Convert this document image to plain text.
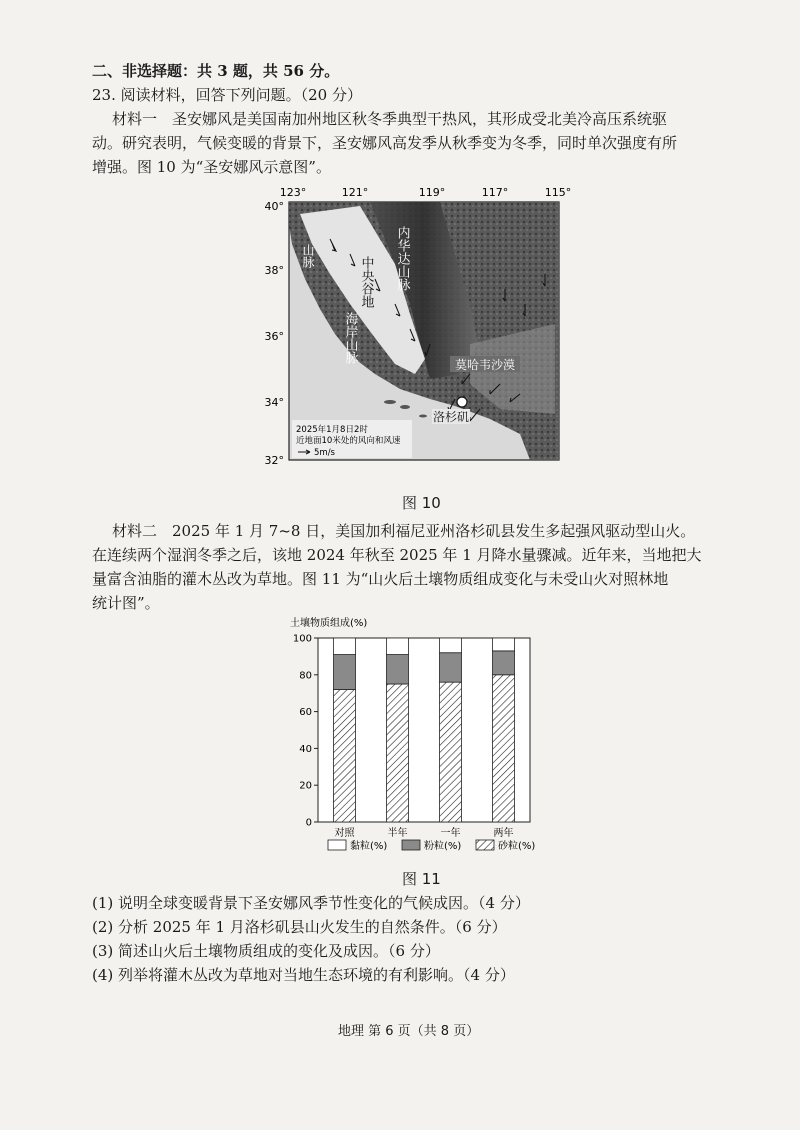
二、非选择题：共 3 题，共 56 分。
23. 阅读材料，回答下列问题。（20 分）
材料一　圣安娜风是美国南加州地区秋冬季典型干热风，其形成受北美冷高压系统驱
动。研究表明，气候变暖的背景下，圣安娜风高发季从秋季变为冬季，同时单次强度有所
增强。图 10 为“圣安娜风示意图”。
123°	121°	119°	117°	115°
40°
38°
36°
34°
32°
山脉	中央谷地
海岸山脉
内华达山脉
莫哈韦沙漠
洛杉矶
2025年1月8日2时
近地面10米处的风向和风速
5m/s
图 10
材料二　2025 年 1 月 7~8 日，美国加利福尼亚州洛杉矶县发生多起强风驱动型山火。
在连续两个湿润冬季之后，该地 2024 年秋至 2025 年 1 月降水量骤减。近年来，当地把大
量富含油脂的灌木丛改为草地。图 11 为“山火后土壤物质组成变化与未受山火对照林地
统计图”。
土壤物质组成(%)
0
20
40
60
80
100
对照	半年	一年	两年
黏粒(%)	粉粒(%)	砂粒(%)
图 11
(1) 说明全球变暖背景下圣安娜风季节性变化的气候成因。（4 分）
(2) 分析 2025 年 1 月洛杉矶县山火发生的自然条件。（6 分）
(3) 简述山火后土壤物质组成的变化及成因。（6 分）
(4) 列举将灌木丛改为草地对当地生态环境的有利影响。（4 分）
地理 第 6 页（共 8 页）
